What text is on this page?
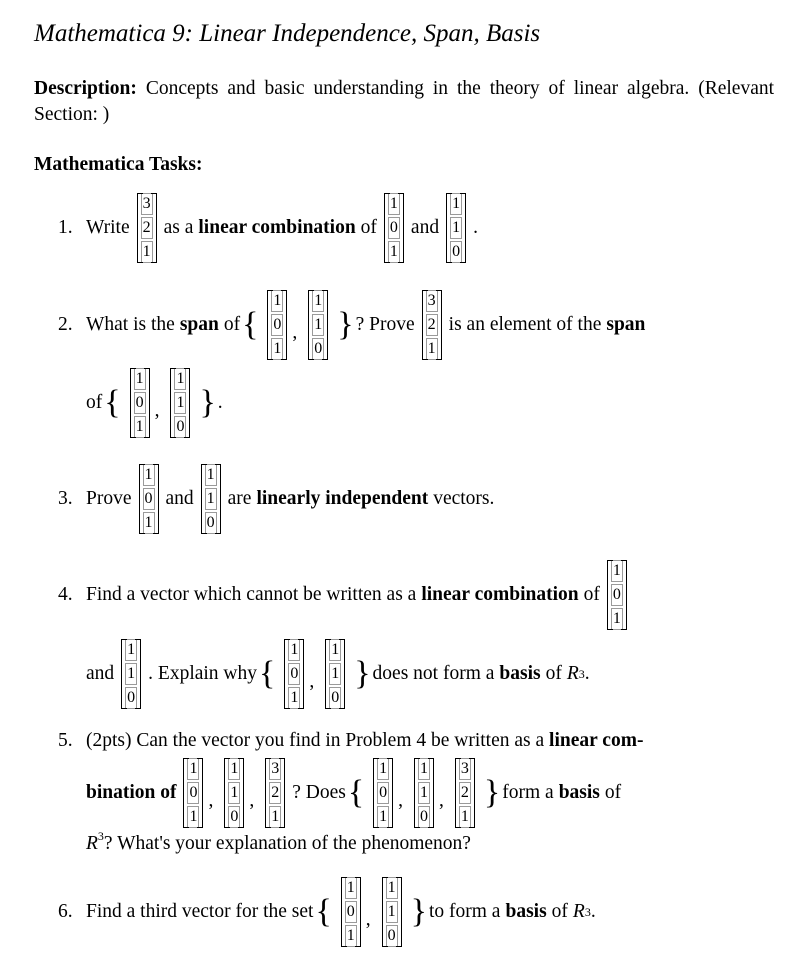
Mathematica 9: Linear Independence, Span, Basis
Description: Concepts and basic understanding in the theory of linear algebra. (Relevant Section: )
Mathematica Tasks:
1. Write
3
2
1
as a linear combination of
1
0
1
and
1
1
0
.
2. What is the span of {
1
0
1
,
1
1
0
} ? Prove
3
2
1
is an element of the span
of {
1
0
1
,
1
1
0
} .
3. Prove
1
0
1
and
1
1
0
are linearly independent vectors.
4. Find a vector which cannot be written as a linear combination of
1
0
1
and
1
1
0
. Explain why {
1
0
1
,
1
1
0
} does not form a basis of R 3 .
5. (2pts) Can the vector you find in Problem 4 be written as a linear com-
bination of
1
0
1
,
1
1
0
,
3
2
1
? Does {
1
0
1
,
1
1
0
,
3
2
1
} form a basis of
$R^3$? What's your explanation of the phenomenon?
6. Find a third vector for the set {
1
0
1
,
1
1
0
} to form a basis of R 3 .
